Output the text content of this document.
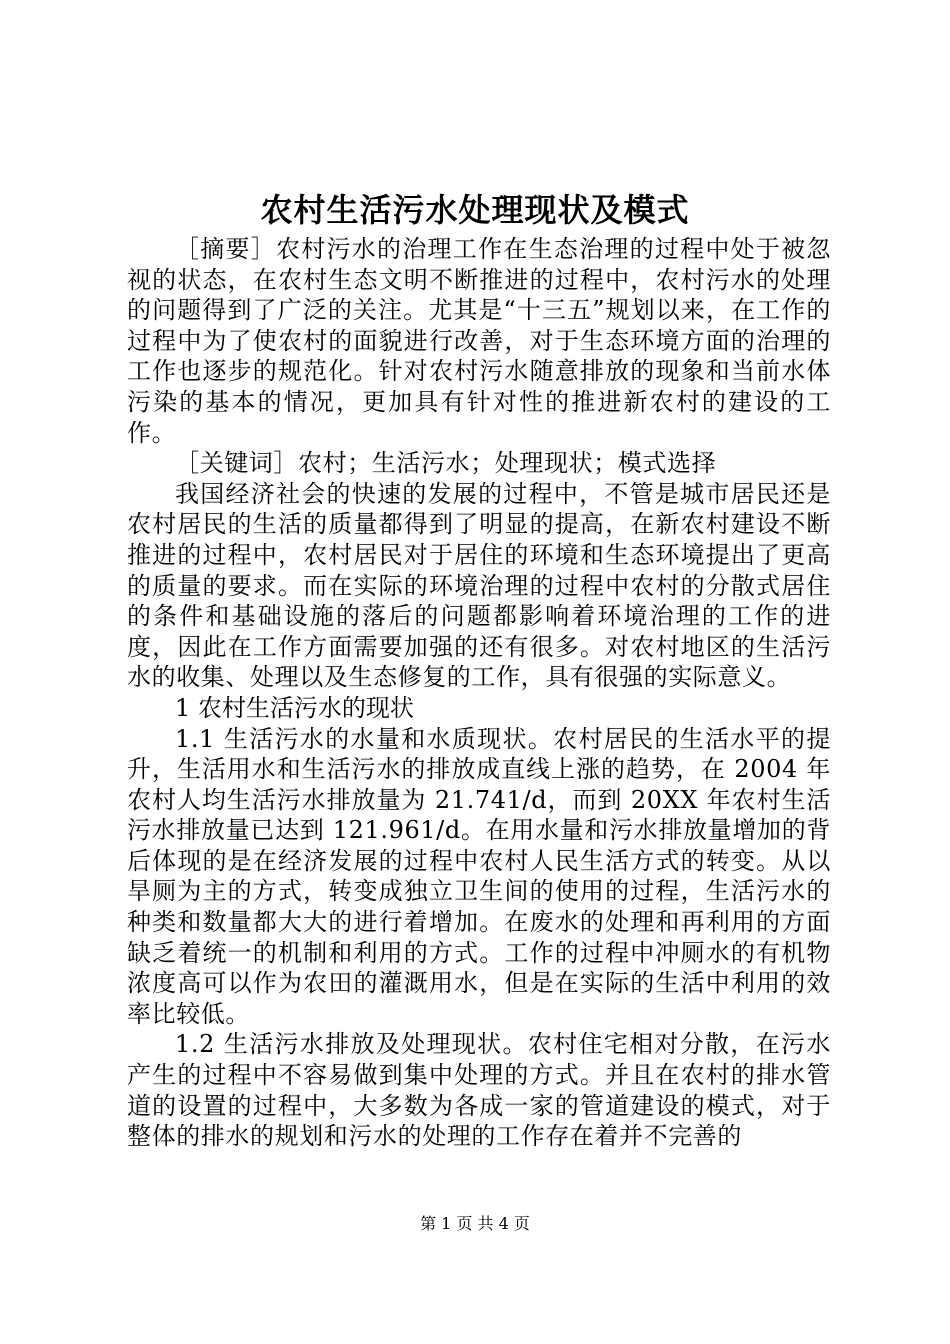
农村生活污水处理现状及模式

［摘要］农村污水的治理工作在生态治理的过程中处于被忽视的状态，在农村生态文明不断推进的过程中，农村污水的处理的问题得到了广泛的关注。尤其是“十三五”规划以来，在工作的过程中为了使农村的面貌进行改善，对于生态环境方面的治理的工作也逐步的规范化。针对农村污水随意排放的现象和当前水体污染的基本的情况，更加具有针对性的推进新农村的建设的工作。

［关键词］农村；生活污水；处理现状；模式选择

我国经济社会的快速的发展的过程中，不管是城市居民还是农村居民的生活的质量都得到了明显的提高，在新农村建设不断推进的过程中，农村居民对于居住的环境和生态环境提出了更高的质量的要求。而在实际的环境治理的过程中农村的分散式居住的条件和基础设施的落后的问题都影响着环境治理的工作的进度，因此在工作方面需要加强的还有很多。对农村地区的生活污水的收集、处理以及生态修复的工作，具有很强的实际意义。

1 农村生活污水的现状

1.1 生活污水的水量和水质现状。农村居民的生活水平的提升，生活用水和生活污水的排放成直线上涨的趋势，在 2004 年农村人均生活污水排放量为 21.741/d，而到 20XX 年农村生活污水排放量已达到 121.961/d。在用水量和污水排放量增加的背后体现的是在经济发展的过程中农村人民生活方式的转变。从以旱厕为主的方式，转变成独立卫生间的使用的过程，生活污水的种类和数量都大大的进行着增加。在废水的处理和再利用的方面缺乏着统一的机制和利用的方式。工作的过程中冲厕水的有机物浓度高可以作为农田的灌溉用水，但是在实际的生活中利用的效率比较低。

1.2 生活污水排放及处理现状。农村住宅相对分散，在污水产生的过程中不容易做到集中处理的方式。并且在农村的排水管道的设置的过程中，大多数为各成一家的管道建设的模式，对于整体的排水的规划和污水的处理的工作存在着并不完善的

第 1 页 共 4 页
